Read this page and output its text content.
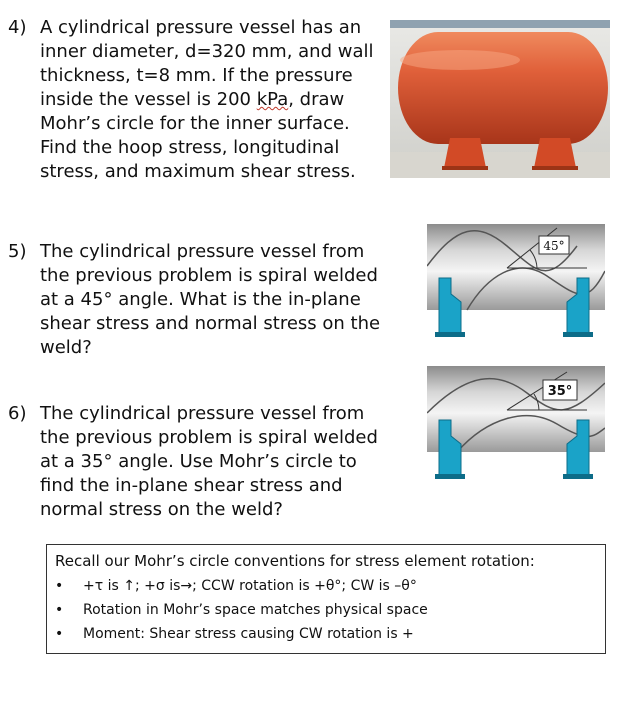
4) A cylindrical pressure vessel has an
inner diameter, d=320 mm, and wall
thickness, t=8 mm. If the pressure
inside the vessel is 200 kPa, draw
Mohr’s circle for the inner surface.
Find the hoop stress, longitudinal
stress, and maximum shear stress.
5) The cylindrical pressure vessel from
the previous problem is spiral welded
at a 45° angle. What is the in-plane
shear stress and normal stress on the
weld?
45°
35°
6) The cylindrical pressure vessel from
the previous problem is spiral welded
at a 35° angle. Use Mohr’s circle to
find the in-plane shear stress and
normal stress on the weld?
Recall our Mohr’s circle conventions for stress element rotation:
• +τ is ↑; +σ is→; CCW rotation is +θ°; CW is –θ°
• Rotation in Mohr’s space matches physical space
• Moment: Shear stress causing CW rotation is +
